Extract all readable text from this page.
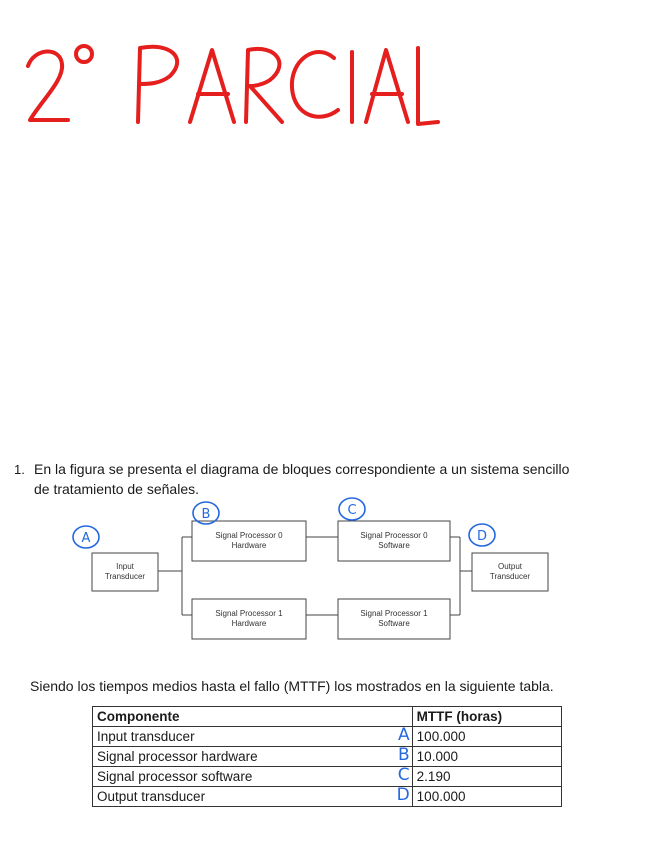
1. En la figura se presenta el diagrama de bloques correspondiente a un sistema sencillo
de tratamiento de señales.
Input
Transducer
Signal Processor 0
Hardware
Signal Processor 0
Software
Signal Processor 1
Hardware
Signal Processor 1
Software
Output
Transducer
A
B	C
D
Siendo los tiempos medios hasta el fallo (MTTF) los mostrados en la siguiente tabla.
Componente	MTTF (horas)
Input transducer A	100.000
Signal processor hardware B	10.000
Signal processor software C	2.190
Output transducer D	100.000
